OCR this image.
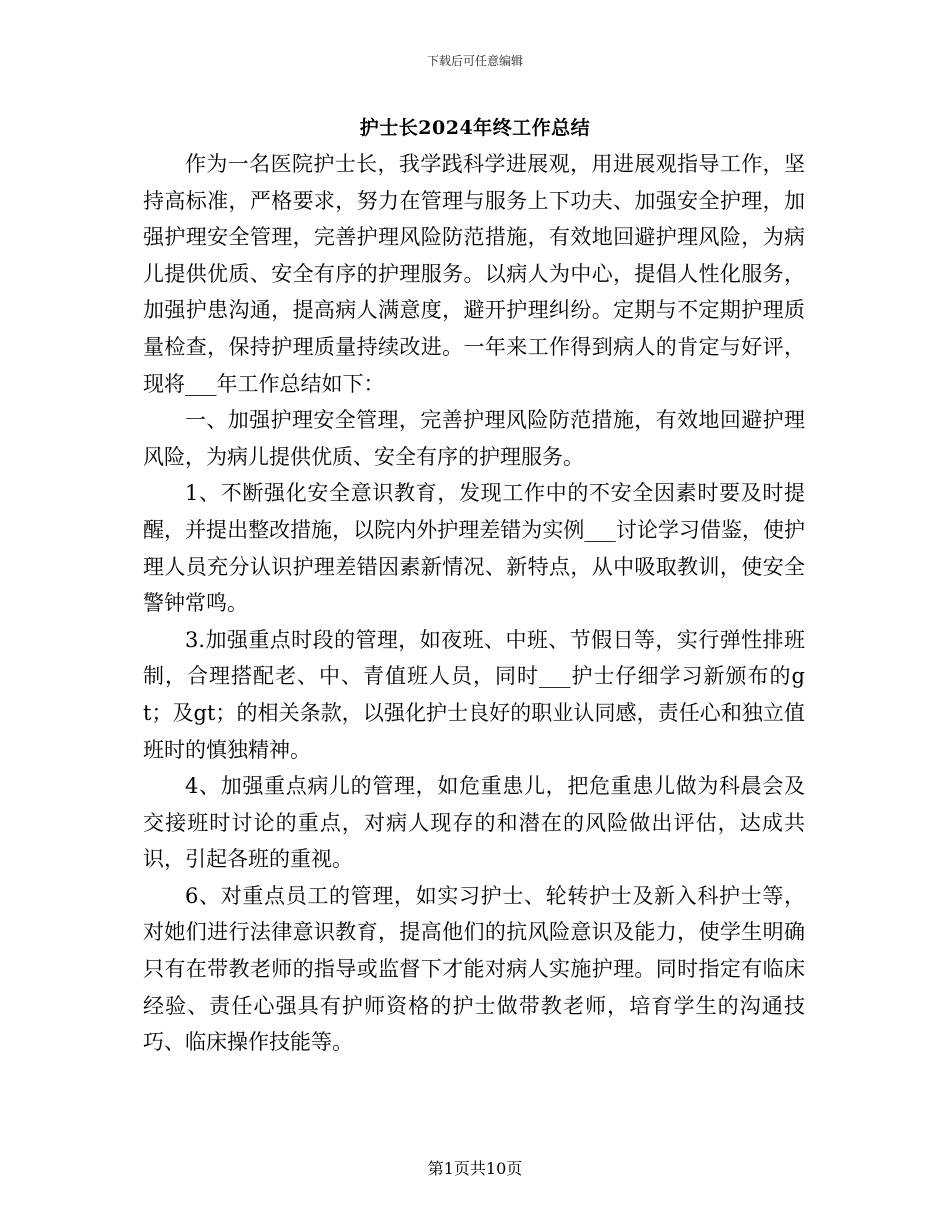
下载后可任意编辑
护士长2024年终工作总结

作为一名医院护士长，我学践科学进展观，用进展观指导工作，坚持高标准，严格要求，努力在管理与服务上下功夫、加强安全护理，加强护理安全管理，完善护理风险防范措施，有效地回避护理风险，为病儿提供优质、安全有序的护理服务。以病人为中心，提倡人性化服务，加强护患沟通，提高病人满意度，避开护理纠纷。定期与不定期护理质量检查，保持护理质量持续改进。一年来工作得到病人的肯定与好评，现将___年工作总结如下：

一、加强护理安全管理，完善护理风险防范措施，有效地回避护理风险，为病儿提供优质、安全有序的护理服务。

1、不断强化安全意识教育，发现工作中的不安全因素时要及时提醒，并提出整改措施，以院内外护理差错为实例___讨论学习借鉴，使护理人员充分认识护理差错因素新情况、新特点，从中吸取教训，使安全警钟常鸣。

3.加强重点时段的管理，如夜班、中班、节假日等，实行弹性排班制，合理搭配老、中、青值班人员，同时___护士仔细学习新颁布的gt；及gt；的相关条款，以强化护士良好的职业认同感，责任心和独立值班时的慎独精神。

4、加强重点病儿的管理，如危重患儿，把危重患儿做为科晨会及交接班时讨论的重点，对病人现存的和潜在的风险做出评估，达成共识，引起各班的重视。

6、对重点员工的管理，如实习护士、轮转护士及新入科护士等，对她们进行法律意识教育，提高他们的抗风险意识及能力，使学生明确只有在带教老师的指导或监督下才能对病人实施护理。同时指定有临床经验、责任心强具有护师资格的护士做带教老师，培育学生的沟通技巧、临床操作技能等。

第1页共10页
